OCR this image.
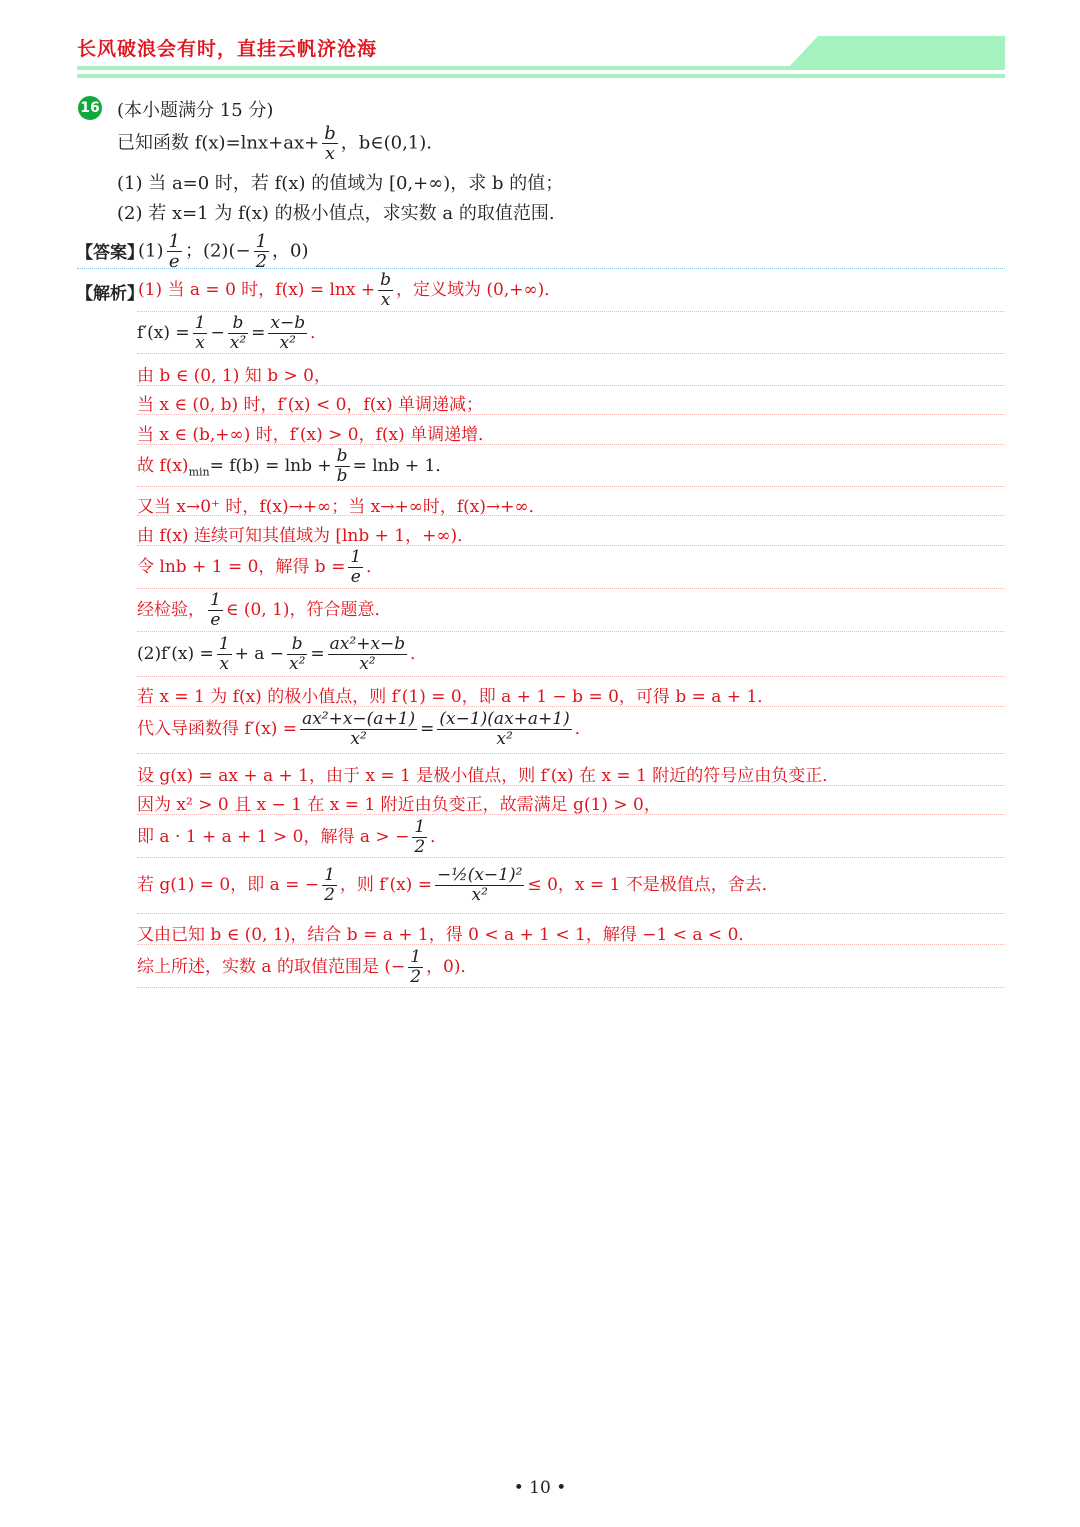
长风破浪会有时，直挂云帆济沧海
16 (本小题满分 15 分)
已知函数 $f(x)=\ln x+ax+ \frac{b}{x}$ ，b∈(0,1).
(1) 当 a=0 时，若 f(x) 的值域为 [0,+∞)，求 b 的值；
(2) 若 x=1 为 f(x) 的极小值点，求实数 a 的取值范围.
【答案】
$(1) \frac{1}{e}$ ；$(2)(- \frac{1}{2}$ ，0)
【解析】
(1) 当 a = 0 时，$f(x) = \ln x + \frac{b}{x}$ ，定义域为 (0,+∞)．
$f'(x) = \frac{1}{x} - \frac{b}{\text{x²}} = \frac{x-b}{\text{x²}}$ ．
由 b ∈ (0, 1) 知 b > 0，
当 x ∈ (0, b) 时，f′(x) < 0，f(x) 单调递减；
当 x ∈ (b,+∞) 时，f′(x) > 0，f(x) 单调递增．
故 $f(x)_{min}= f(b) = \ln b + \frac{b}{b} = \ln b + 1$．
又当 x→0⁺ 时，f(x)→+∞；当 x→+∞时，f(x)→+∞．
由 f(x) 连续可知其值域为 [lnb + 1，+∞)．
令 lnb + 1 = 0，解得 $b = \frac{1}{e}$ ．
经检验， $\frac{1}{e}$ ∈ (0, 1)，符合题意．
$(2)f'(x) = \frac{1}{x} + a - \frac{b}{\text{x²}} = \frac{\text{ax²+x−b}}{\text{x²}}$ ．
若 x = 1 为 f(x) 的极小值点，则 f′(1) = 0，即 a + 1 − b = 0，可得 b = a + 1．
代入导函数得 $f'(x) = \frac{\text{ax²+x−(a+1)}}{\text{x²}} = \frac{(x-1)(ax+a+1)}{\text{x²}}$ ．
设 g(x) = ax + a + 1，由于 x = 1 是极小值点，则 f′(x) 在 x = 1 附近的符号应由负变正．
因为 x² > 0 且 x − 1 在 x = 1 附近由负变正，故需满足 g(1) > 0，
即 a · 1 + a + 1 > 0，解得 a > − $\frac{1}{2}$ ．
若 g(1) = 0，即 a = − $\frac{1}{2}$ ，则 $f'(x) = \frac{\text{−½(x−1)²}}{\text{x²}} \le 0$，x = 1 不是极值点，舍去．
又由已知 b ∈ (0, 1)，结合 b = a + 1，得 0 < a + 1 < 1，解得 −1 < a < 0．
综上所述，实数 a 的取值范围是 (− $\frac{1}{2}$ ，0)．
• 10 •
